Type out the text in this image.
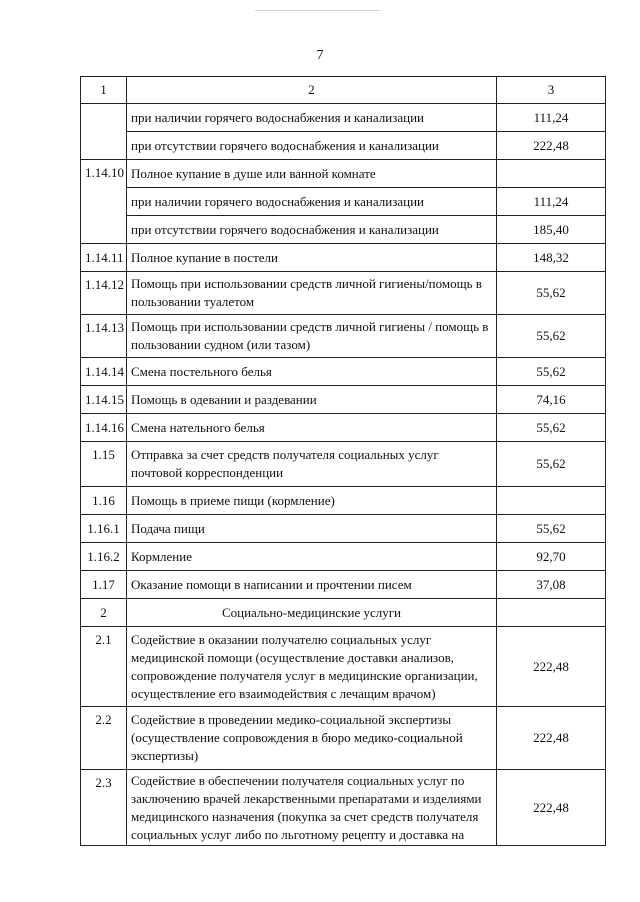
7
1	2	3
	при наличии горячего водоснабжения и канализации	111,24
	при отсутствии горячего водоснабжения и канализации	222,48
1.14.10	Полное купание в душе или ванной комнате	
	при наличии горячего водоснабжения и канализации	111,24
	при отсутствии горячего водоснабжения и канализации	185,40
1.14.11	Полное купание в постели	148,32
1.14.12	Помощь при использовании средств личной гигиены/помощь в пользовании туалетом	55,62
1.14.13	Помощь при использовании средств личной гигиены / помощь в пользовании судном (или тазом)	55,62
1.14.14	Смена постельного белья	55,62
1.14.15	Помощь в одевании и раздевании	74,16
1.14.16	Смена нательного белья	55,62
1.15	Отправка за счет средств получателя социальных услуг почтовой корреспонденции	55,62
1.16	Помощь в приеме пищи (кормление)	
1.16.1	Подача пищи	55,62
1.16.2	Кормление	92,70
1.17	Оказание помощи в написании и прочтении писем	37,08
2	Социально-медицинские услуги	
2.1	Содействие в оказании получателю социальных услуг медицинской помощи (осуществление доставки анализов, сопровождение получателя услуг в медицинские организации, осуществление его взаимодействия с лечащим врачом)	222,48
2.2	Содействие в проведении медико-социальной экспертизы (осуществление сопровождения в бюро медико-социальной экспертизы)	222,48
2.3	Содействие в обеспечении получателя социальных услуг по заключению врачей лекарственными препаратами и изделиями медицинского назначения (покупка за счет средств получателя социальных услуг либо по льготному рецепту и доставка на	222,48
